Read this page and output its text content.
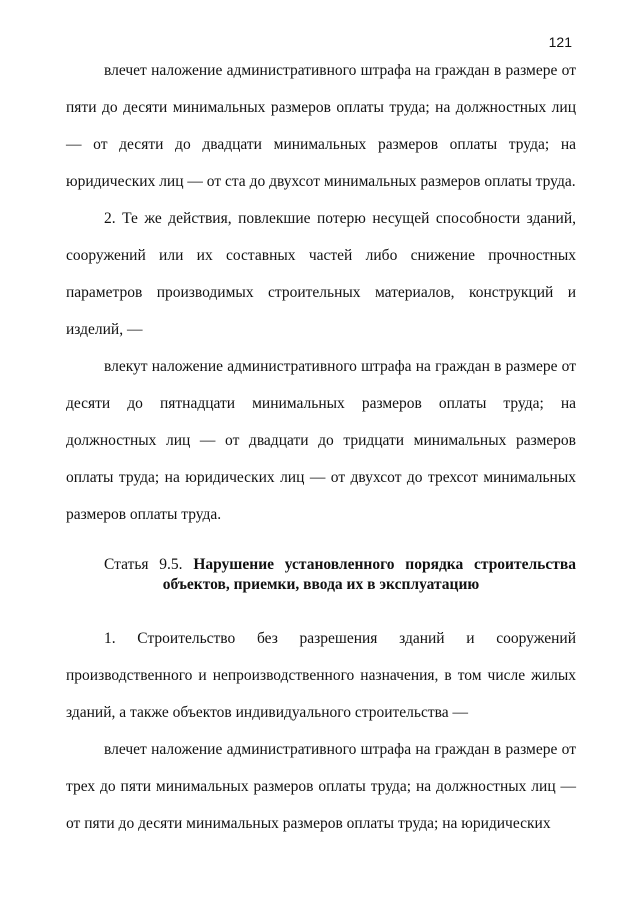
121

влечет наложение административного штрафа на граждан в размере от пяти до десяти минимальных размеров оплаты труда; на должностных лиц — от десяти до двадцати минимальных размеров оплаты труда; на юридических лиц — от ста до двухсот минимальных размеров оплаты труда.

2. Те же действия, повлекшие потерю несущей способности зданий, сооружений или их составных частей либо снижение прочностных параметров производимых строительных материалов, конструкций и изделий, —

влекут наложение административного штрафа на граждан в размере от десяти до пятнадцати минимальных размеров оплаты труда; на должностных лиц — от двадцати до тридцати минимальных размеров оплаты труда; на юридических лиц — от двухсот до трехсот минимальных размеров оплаты труда.

Статья 9.5. Нарушение установленного порядка строительства
объектов, приемки, ввода их в эксплуатацию

1. Строительство без разрешения зданий и сооружений производственного и непроизводственного назначения, в том числе жилых зданий, а также объектов индивидуального строительства —

влечет наложение административного штрафа на граждан в размере от трех до пяти минимальных размеров оплаты труда; на должностных лиц — от пяти до десяти минимальных размеров оплаты труда; на юридических
